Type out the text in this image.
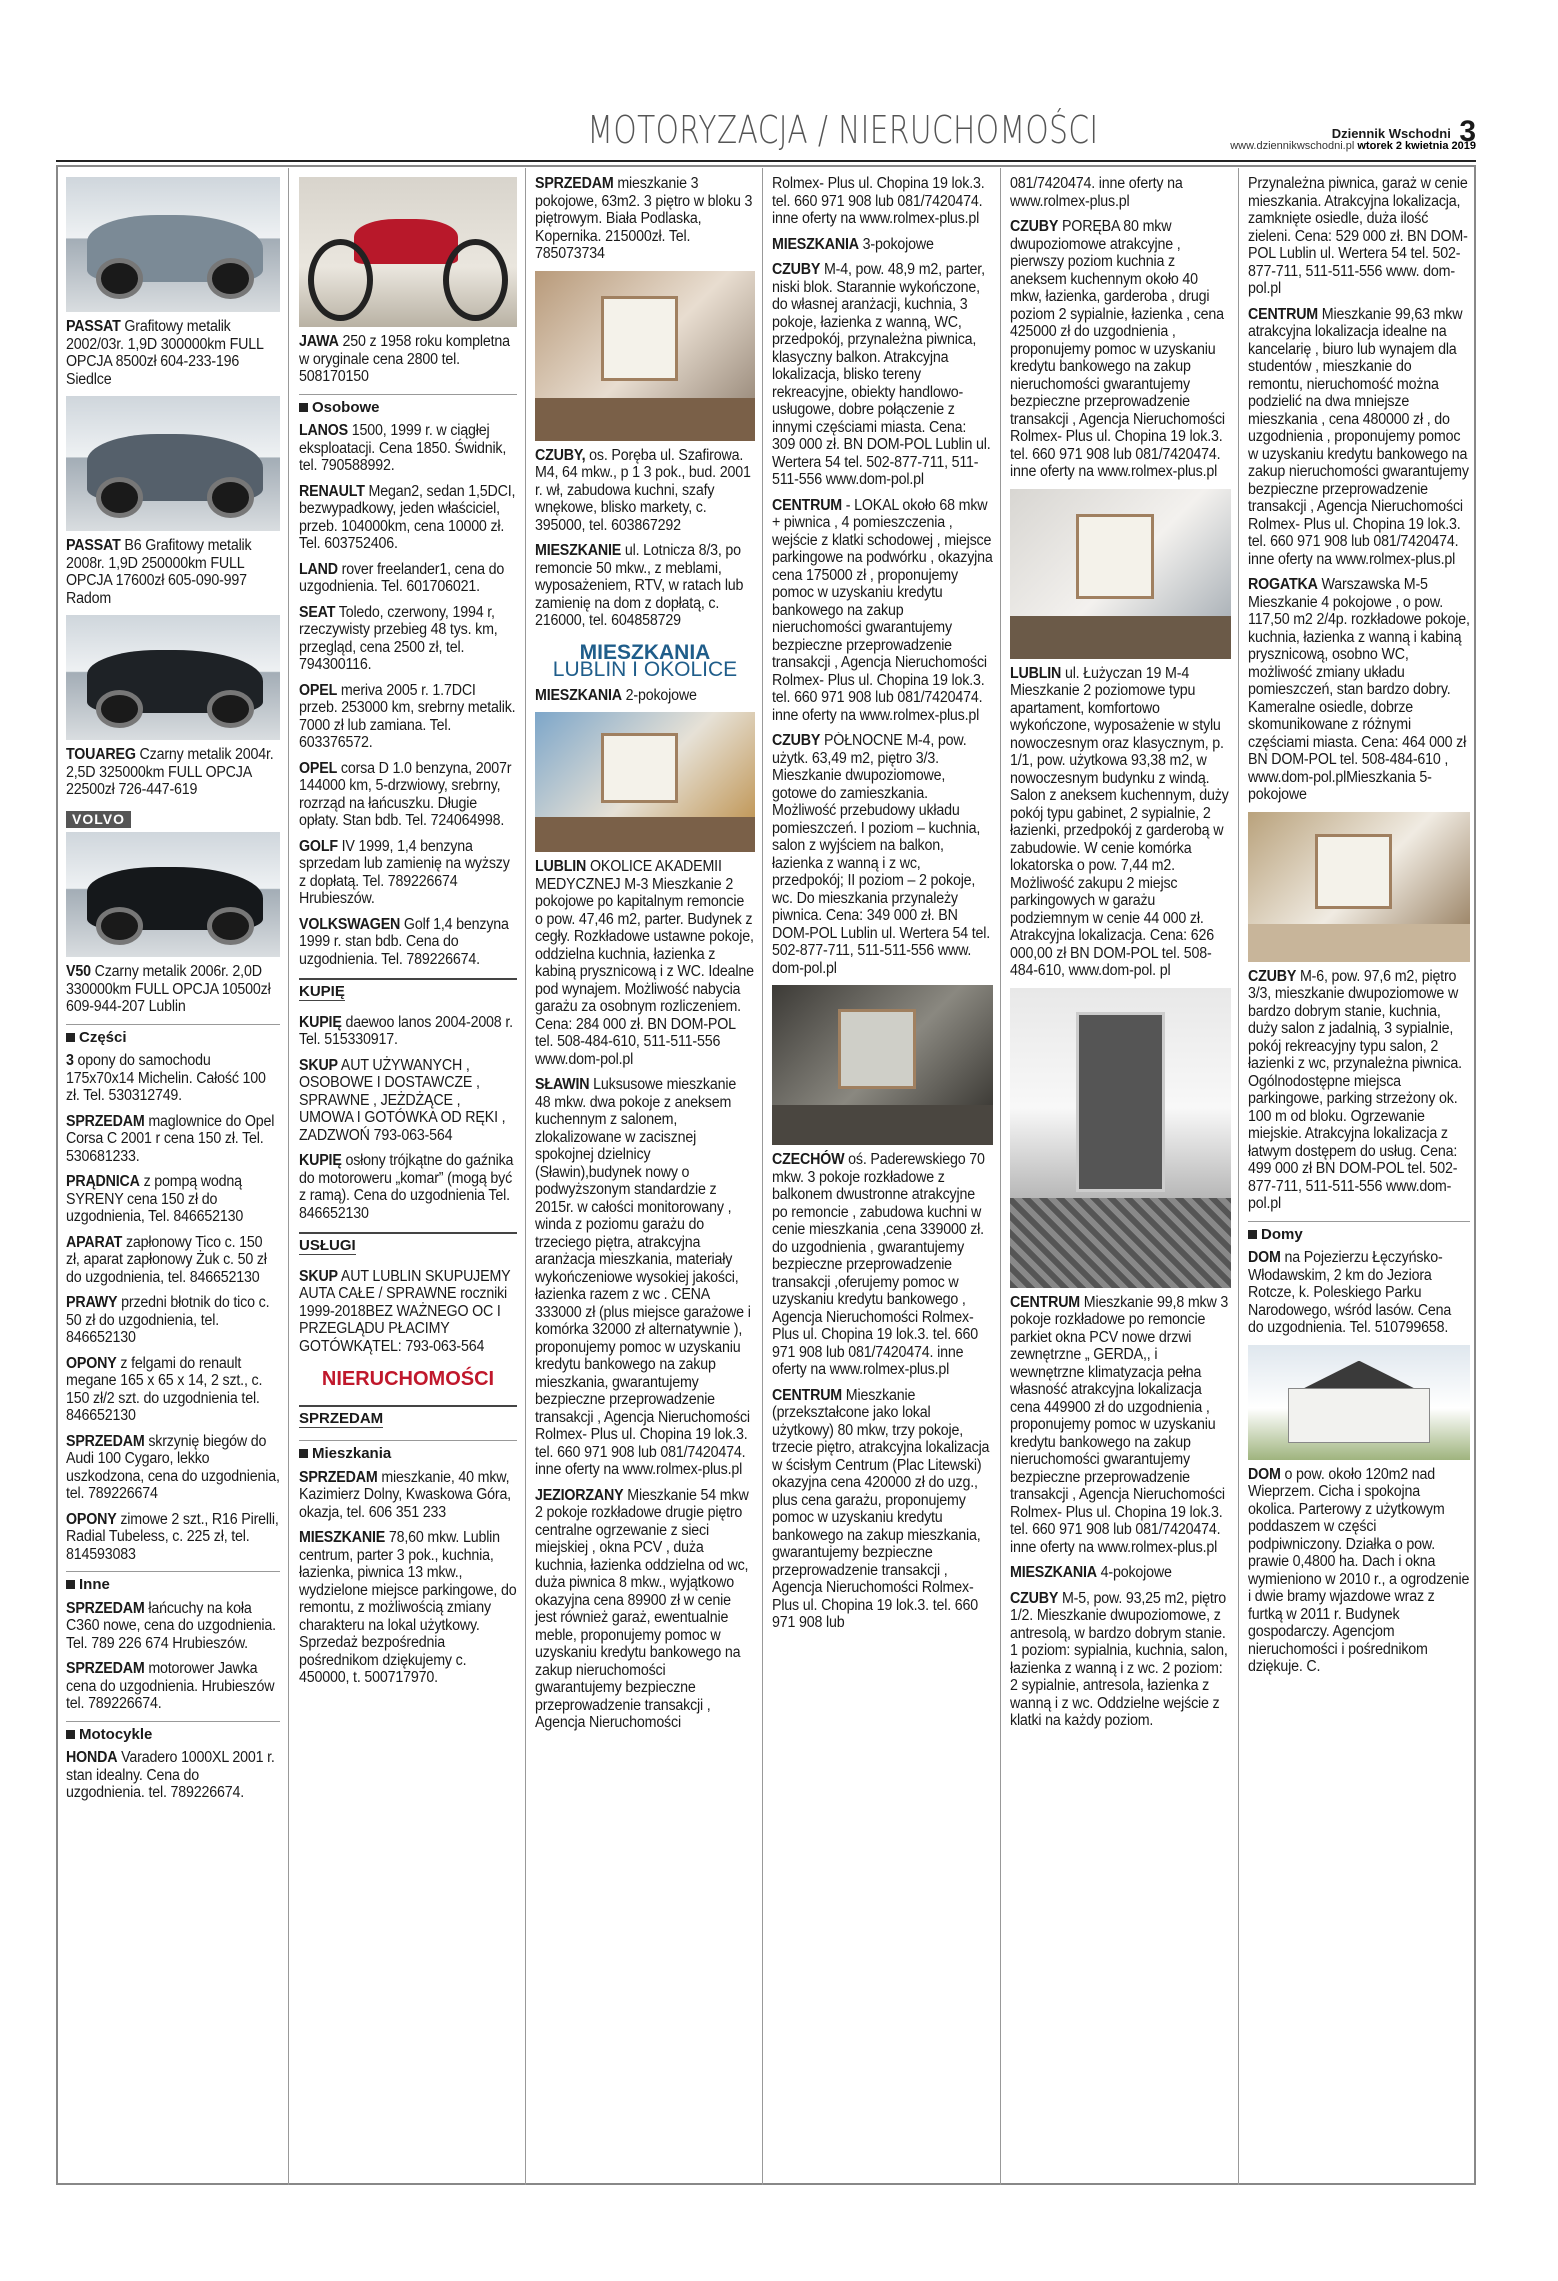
MOTORYZACJA / NIERUCHOMOŚCI	Dziennik Wschodni 3
www.dziennikwschodni.pl wtorek 2 kwietnia 2019
PASSAT Grafitowy metalik 2002/03r. 1,9D 300000km FULL OPCJA 8500zł 604-233-196 Siedlce
PASSAT B6 Grafitowy metalik 2008r. 1,9D 250000km FULL OPCJA 17600zł 605-090-997 Radom
TOUAREG Czarny metalik 2004r. 2,5D 325000km FULL OPCJA 22500zł 726-447-619
VOLVO
V50 Czarny metalik 2006r. 2,0D 330000km FULL OPCJA 10500zł 609-944-207 Lublin
Części
3 opony do samochodu 175x70x14 Michelin. Całość 100 zł. Tel. 530312749.
SPRZEDAM maglownice do Opel Corsa C 2001 r cena 150 zł. Tel. 530681233.
PRĄDNICA z pompą wodną SYRENY cena 150 zł do uzgodnienia, Tel. 846652130
APARAT zapłonowy Tico c. 150 zł, aparat zapłonowy Żuk c. 50 zł do uzgodnienia, tel. 846652130
PRAWY przedni błotnik do tico c. 50 zł do uzgodnienia, tel. 846652130
OPONY z felgami do renault megane 165 x 65 x 14, 2 szt., c. 150 zł/2 szt. do uzgodnienia tel. 846652130
SPRZEDAM skrzynię biegów do Audi 100 Cygaro, lekko uszkodzona, cena do uzgodnienia, tel. 789226674
OPONY zimowe 2 szt., R16 Pirelli, Radial Tubeless, c. 225 zł, tel. 814593083
Inne
SPRZEDAM łańcuchy na koła C360 nowe, cena do uzgodnienia. Tel. 789 226 674 Hrubieszów.
SPRZEDAM motorower Jawka cena do uzgodnienia. Hrubieszów tel. 789226674.
Motocykle
HONDA Varadero 1000XL 2001 r. stan idealny. Cena do uzgodnienia. tel. 789226674.
JAWA 250 z 1958 roku kompletna w oryginale cena 2800 tel. 508170150
Osobowe
LANOS 1500, 1999 r. w ciągłej eksploatacji. Cena 1850. Świdnik, tel. 790588992.
RENAULT Megan2, sedan 1,5DCI, bezwypadkowy, jeden właściciel, przeb. 104000km, cena 10000 zł. Tel. 603752406.
LAND rover freelander1, cena do uzgodnienia. Tel. 601706021.
SEAT Toledo, czerwony, 1994 r, rzeczywisty przebieg 48 tys. km, przegląd, cena 2500 zł, tel. 794300116.
OPEL meriva 2005 r. 1.7DCI przeb. 253000 km, srebrny metalik. 7000 zł lub zamiana. Tel. 603376572.
OPEL corsa D 1.0 benzyna, 2007r 144000 km, 5-drzwiowy, srebrny, rozrząd na łańcuszku. Długie opłaty. Stan bdb. Tel. 724064998.
GOLF IV 1999, 1,4 benzyna sprzedam lub zamienię na wyższy z dopłatą. Tel. 789226674 Hrubieszów.
VOLKSWAGEN Golf 1,4 benzyna 1999 r. stan bdb. Cena do uzgodnienia. Tel. 789226674.
KUPIĘ
KUPIĘ daewoo lanos 2004-2008 r. Tel. 515330917.
SKUP AUT UŻYWANYCH , OSOBOWE I DOSTAWCZE , SPRAWNE , JEŻDŻĄCE , UMOWA I GOTÓWKA OD RĘKI , ZADZWOŃ 793-063-564
KUPIĘ osłony trójkątne do gaźnika do motoroweru „komar” (mogą być z ramą). Cena do uzgodnienia Tel. 846652130
USŁUGI
SKUP AUT LUBLIN SKUPUJEMY AUTA CAŁE / SPRAWNE roczniki 1999-2018BEZ WAŻNEGO OC I PRZEGLĄDU PŁACIMY GOTÓWKĄTEL: 793-063-564
NIERUCHOMOŚCI
SPRZEDAM
Mieszkania
SPRZEDAM mieszkanie, 40 mkw, Kazimierz Dolny, Kwaskowa Góra, okazja, tel. 606 351 233
MIESZKANIE 78,60 mkw. Lublin centrum, parter 3 pok., kuchnia, łazienka, piwnica 13 mkw., wydzielone miejsce parkingowe, do remontu, z możliwością zmiany charakteru na lokal użytkowy. Sprzedaż bezpośrednia pośrednikom dziękujemy c. 450000, t. 500717970.
SPRZEDAM mieszkanie 3 pokojowe, 63m2. 3 piętro w bloku 3 piętrowym. Biała Podlaska, Kopernika. 215000zł. Tel. 785073734
CZUBY, os. Poręba ul. Szafirowa. M4, 64 mkw., p 1 3 pok., bud. 2001 r. wł, zabudowa kuchni, szafy wnękowe, blisko markety, c. 395000, tel. 603867292
MIESZKANIE ul. Lotnicza 8/3, po remoncie 50 mkw., z meblami, wyposażeniem, RTV, w ratach lub zamienię na dom z dopłatą, c. 216000, tel. 604858729
MIESZKANIA
LUBLIN I OKOLICE
MIESZKANIA 2-pokojowe
LUBLIN OKOLICE AKADEMII MEDYCZNEJ M-3 Mieszkanie 2 pokojowe po kapitalnym remoncie o pow. 47,46 m2, parter. Budynek z cegły. Rozkładowe ustawne pokoje, oddzielna kuchnia, łazienka z kabiną prysznicową i z WC. Idealne pod wynajem. Możliwość nabycia garażu za osobnym rozliczeniem. Cena: 284 000 zł. BN DOM-POL tel. 508-484-610, 511-511-556 www.dom-pol.pl
SŁAWIN Luksusowe mieszkanie 48 mkw. dwa pokoje z aneksem kuchennym z salonem, zlokalizowane w zacisznej spokojnej dzielnicy (Sławin),budynek nowy o podwyższonym standardzie z 2015r. w całości monitorowany , winda z poziomu garażu do trzeciego piętra, atrakcyjna aranżacja mieszkania, materiały wykończeniowe wysokiej jakości, łazienka razem z wc . CENA 333000 zł (plus miejsce garażowe i komórka 32000 zł alternatywnie ), proponujemy pomoc w uzyskaniu kredytu bankowego na zakup mieszkania, gwarantujemy bezpieczne przeprowadzenie transakcji , Agencja Nieruchomości Rolmex- Plus ul. Chopina 19 lok.3. tel. 660 971 908 lub 081/7420474. inne oferty na www.rolmex-plus.pl
JEZIORZANY Mieszkanie 54 mkw 2 pokoje rozkładowe drugie piętro centralne ogrzewanie z sieci miejskiej , okna PCV , duża kuchnia, łazienka oddzielna od wc, duża piwnica 8 mkw., wyjątkowo okazyjna cena 89900 zł w cenie jest również garaż, ewentualnie meble, proponujemy pomoc w uzyskaniu kredytu bankowego na zakup nieruchomości gwarantujemy bezpieczne przeprowadzenie transakcji , Agencja Nieruchomości
Rolmex- Plus ul. Chopina 19 lok.3. tel. 660 971 908 lub 081/7420474. inne oferty na www.rolmex-plus.pl
MIESZKANIA 3-pokojowe
CZUBY M-4, pow. 48,9 m2, parter, niski blok. Starannie wykończone, do własnej aranżacji, kuchnia, 3 pokoje, łazienka z wanną, WC, przedpokój, przynależna piwnica, klasyczny balkon. Atrakcyjna lokalizacja, blisko tereny rekreacyjne, obiekty handlowo-usługowe, dobre połączenie z innymi częściami miasta. Cena: 309 000 zł. BN DOM-POL Lublin ul. Wertera 54 tel. 502-877-711, 511-511-556 www.dom-pol.pl
CENTRUM - LOKAL około 68 mkw + piwnica , 4 pomieszczenia , wejście z klatki schodowej , miejsce parkingowe na podwórku , okazyjna cena 175000 zł , proponujemy pomoc w uzyskaniu kredytu bankowego na zakup nieruchomości gwarantujemy bezpieczne przeprowadzenie transakcji , Agencja Nieruchomości Rolmex- Plus ul. Chopina 19 lok.3. tel. 660 971 908 lub 081/7420474. inne oferty na www.rolmex-plus.pl
CZUBY PÓŁNOCNE M-4, pow. użytk. 63,49 m2, piętro 3/3. Mieszkanie dwupoziomowe, gotowe do zamieszkania. Możliwość przebudowy układu pomieszczeń. I poziom – kuchnia, salon z wyjściem na balkon, łazienka z wanną i z wc, przedpokój; II poziom – 2 pokoje, wc. Do mieszkania przynależy piwnica. Cena: 349 000 zł. BN DOM-POL Lublin ul. Wertera 54 tel. 502-877-711, 511-511-556 www. dom-pol.pl
CZECHÓW oś. Paderewskiego 70 mkw. 3 pokoje rozkładowe z balkonem dwustronne atrakcyjne po remoncie , zabudowa kuchni w cenie mieszkania ,cena 339000 zł. do uzgodnienia , gwarantujemy bezpieczne przeprowadzenie transakcji ,oferujemy pomoc w uzyskaniu kredytu bankowego , Agencja Nieruchomości Rolmex- Plus ul. Chopina 19 lok.3. tel. 660 971 908 lub 081/7420474. inne oferty na www.rolmex-plus.pl
CENTRUM Mieszkanie (przekształcone jako lokal użytkowy) 80 mkw, trzy pokoje, trzecie piętro, atrakcyjna lokalizacja w ścisłym Centrum (Plac Litewski) okazyjna cena 420000 zł do uzg., plus cena garażu, proponujemy pomoc w uzyskaniu kredytu bankowego na zakup mieszkania, gwarantujemy bezpieczne przeprowadzenie transakcji , Agencja Nieruchomości Rolmex- Plus ul. Chopina 19 lok.3. tel. 660 971 908 lub
081/7420474. inne oferty na www.rolmex-plus.pl
CZUBY PORĘBA 80 mkw dwupoziomowe atrakcyjne , pierwszy poziom kuchnia z aneksem kuchennym około 40 mkw, łazienka, garderoba , drugi poziom 2 sypialnie, łazienka , cena 425000 zł do uzgodnienia , proponujemy pomoc w uzyskaniu kredytu bankowego na zakup nieruchomości gwarantujemy bezpieczne przeprowadzenie transakcji , Agencja Nieruchomości Rolmex- Plus ul. Chopina 19 lok.3. tel. 660 971 908 lub 081/7420474. inne oferty na www.rolmex-plus.pl
LUBLIN ul. Łużyczan 19 M-4 Mieszkanie 2 poziomowe typu apartament, komfortowo wykończone, wyposażenie w stylu nowoczesnym oraz klasycznym, p. 1/1, pow. użytkowa 93,38 m2, w nowoczesnym budynku z windą. Salon z aneksem kuchennym, duży pokój typu gabinet, 2 sypialnie, 2 łazienki, przedpokój z garderobą w zabudowie. W cenie komórka lokatorska o pow. 7,44 m2. Możliwość zakupu 2 miejsc parkingowych w garażu podziemnym w cenie 44 000 zł. Atrakcyjna lokalizacja. Cena: 626 000,00 zł BN DOM-POL tel. 508-484-610, www.dom-pol. pl
CENTRUM Mieszkanie 99,8 mkw 3 pokoje rozkładowe po remoncie parkiet okna PCV nowe drzwi zewnętrzne „ GERDA,, i wewnętrzne klimatyzacja pełna własność atrakcyjna lokalizacja cena 449900 zł do uzgodnienia , proponujemy pomoc w uzyskaniu kredytu bankowego na zakup nieruchomości gwarantujemy bezpieczne przeprowadzenie transakcji , Agencja Nieruchomości Rolmex- Plus ul. Chopina 19 lok.3. tel. 660 971 908 lub 081/7420474. inne oferty na www.rolmex-plus.pl
MIESZKANIA 4-pokojowe
CZUBY M-5, pow. 93,25 m2, piętro 1/2. Mieszkanie dwupoziomowe, z antresolą, w bardzo dobrym stanie. 1 poziom: sypialnia, kuchnia, salon, łazienka z wanną i z wc. 2 poziom: 2 sypialnie, antresola, łazienka z wanną i z wc. Oddzielne wejście z klatki na każdy poziom.
Przynależna piwnica, garaż w cenie mieszkania. Atrakcyjna lokalizacja, zamknięte osiedle, duża ilość zieleni. Cena: 529 000 zł. BN DOM-POL Lublin ul. Wertera 54 tel. 502-877-711, 511-511-556 www. dom-pol.pl
CENTRUM Mieszkanie 99,63 mkw atrakcyjna lokalizacja idealne na kancelarię , biuro lub wynajem dla studentów , mieszkanie do remontu, nieruchomość można podzielić na dwa mniejsze mieszkania , cena 480000 zł , do uzgodnienia , proponujemy pomoc w uzyskaniu kredytu bankowego na zakup nieruchomości gwarantujemy bezpieczne przeprowadzenie transakcji , Agencja Nieruchomości Rolmex- Plus ul. Chopina 19 lok.3. tel. 660 971 908 lub 081/7420474. inne oferty na www.rolmex-plus.pl
ROGATKA Warszawska M-5 Mieszkanie 4 pokojowe , o pow. 117,50 m2 2/4p. rozkładowe pokoje, kuchnia, łazienka z wanną i kabiną prysznicową, osobno WC, możliwość zmiany układu pomieszczeń, stan bardzo dobry. Kameralne osiedle, dobrze skomunikowane z różnymi częściami miasta. Cena: 464 000 zł BN DOM-POL tel. 508-484-610 , www.dom-pol.plMieszkania 5-pokojowe
CZUBY M-6, pow. 97,6 m2, piętro 3/3, mieszkanie dwupoziomowe w bardzo dobrym stanie, kuchnia, duży salon z jadalnią, 3 sypialnie, pokój rekreacyjny typu salon, 2 łazienki z wc, przynależna piwnica. Ogólnodostępne miejsca parkingowe, parking strzeżony ok. 100 m od bloku. Ogrzewanie miejskie. Atrakcyjna lokalizacja z łatwym dostępem do usług. Cena: 499 000 zł BN DOM-POL tel. 502-877-711, 511-511-556 www.dom-pol.pl
Domy
DOM na Pojezierzu Łęczyńsko-Włodawskim, 2 km do Jeziora Rotcze, k. Poleskiego Parku Narodowego, wśród lasów. Cena do uzgodnienia. Tel. 510799658.
DOM o pow. około 120m2 nad Wieprzem. Cicha i spokojna okolica. Parterowy z użytkowym poddaszem w części podpiwniczony. Działka o pow. prawie 0,4800 ha. Dach i okna wymieniono w 2010 r., a ogrodzenie i dwie bramy wjazdowe wraz z furtką w 2011 r. Budynek gospodarczy. Agencjom nieruchomości i pośrednikom dziękuje. C.
